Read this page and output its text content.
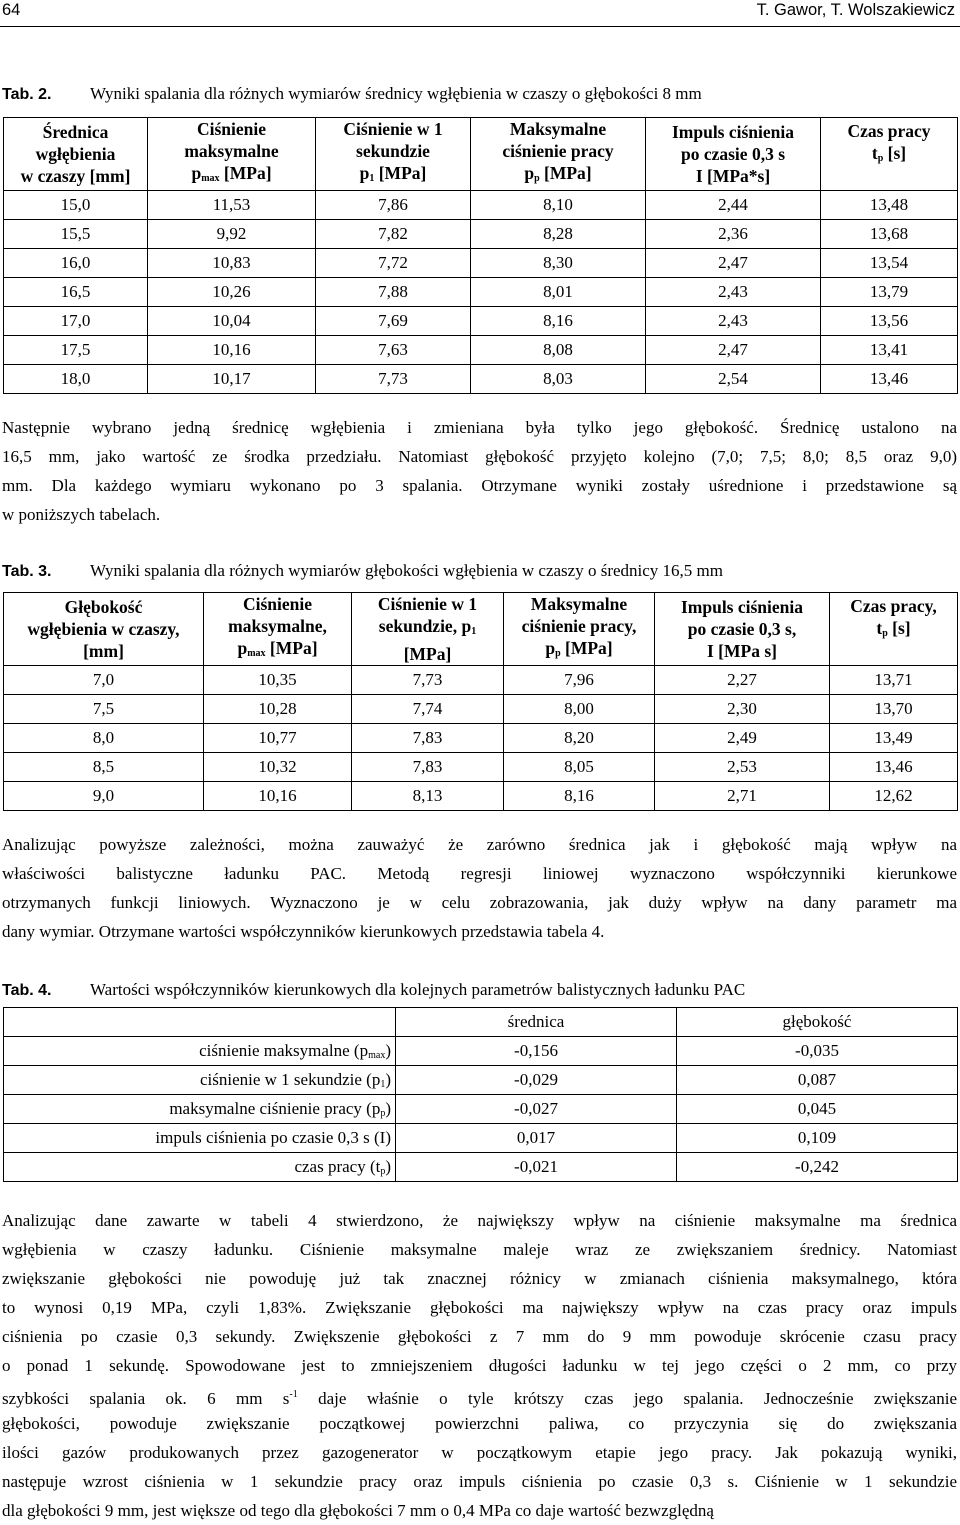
64	T. Gawor, T. Wolszakiewicz
Tab. 2. Wyniki spalania dla różnych wymiarów średnicy wgłębienia w czaszy o głębokości 8 mm
Średnica
wgłębienia
w czaszy [mm]	Ciśnienie
maksymalne
$p_{max}$ [MPa]	Ciśnienie w 1
sekundzie
$p_1$ [MPa]	Maksymalne
ciśnienie pracy
$p_p$ [MPa]	Impuls ciśnienia
po czasie 0,3 s
I [MPa*s]	Czas pracy
$t_p$ [s]
15,0	11,53	7,86	8,10	2,44	13,48
15,5	9,92	7,82	8,28	2,36	13,68
16,0	10,83	7,72	8,30	2,47	13,54
16,5	10,26	7,88	8,01	2,43	13,79
17,0	10,04	7,69	8,16	2,43	13,56
17,5	10,16	7,63	8,08	2,47	13,41
18,0	10,17	7,73	8,03	2,54	13,46
Następnie wybrano jedną średnicę wgłębienia i zmieniana była tylko jego głębokość. Średnicę ustalono na
16,5 mm, jako wartość ze środka przedziału. Natomiast głębokość przyjęto kolejno (7,0; 7,5; 8,0; 8,5 oraz 9,0)
mm. Dla każdego wymiaru wykonano po 3 spalania. Otrzymane wyniki zostały uśrednione i przedstawione są
w poniższych tabelach.
Tab. 3. Wyniki spalania dla różnych wymiarów głębokości wgłębienia w czaszy o średnicy 16,5 mm
Głębokość
wgłębienia w czaszy,
[mm]	Ciśnienie
maksymalne,
$p_{max}$ [MPa]	Ciśnienie w 1
sekundzie, $p_1$
[MPa]	Maksymalne
ciśnienie pracy,
$p_p$ [MPa]	Impuls ciśnienia
po czasie 0,3 s,
I [MPa s]	Czas pracy,
$t_p$ [s]
7,0	10,35	7,73	7,96	2,27	13,71
7,5	10,28	7,74	8,00	2,30	13,70
8,0	10,77	7,83	8,20	2,49	13,49
8,5	10,32	7,83	8,05	2,53	13,46
9,0	10,16	8,13	8,16	2,71	12,62
Analizując powyższe zależności, można zauważyć że zarówno średnica jak i głębokość mają wpływ na
właściwości balistyczne ładunku PAC. Metodą regresji liniowej wyznaczono współczynniki kierunkowe
otrzymanych funkcji liniowych. Wyznaczono je w celu zobrazowania, jak duży wpływ na dany parametr ma
dany wymiar. Otrzymane wartości współczynników kierunkowych przedstawia tabela 4.
Tab. 4. Wartości współczynników kierunkowych dla kolejnych parametrów balistycznych ładunku PAC
	średnica	głębokość
ciśnienie maksymalne $(p_{max})$	-0,156	-0,035
ciśnienie w 1 sekundzie $(p_1)$	-0,029	0,087
maksymalne ciśnienie pracy $(p_p)$	-0,027	0,045
impuls ciśnienia po czasie 0,3 s (I)	0,017	0,109
czas pracy $(t_p)$	-0,021	-0,242
Analizując dane zawarte w tabeli 4 stwierdzono, że największy wpływ na ciśnienie maksymalne ma średnica
wgłębienia w czaszy ładunku. Ciśnienie maksymalne maleje wraz ze zwiększaniem średnicy. Natomiast
zwiększanie głębokości nie powoduję już tak znacznej różnicy w zmianach ciśnienia maksymalnego, która
to wynosi 0,19 MPa, czyli 1,83%. Zwiększanie głębokości ma największy wpływ na czas pracy oraz impuls
ciśnienia po czasie 0,3 sekundy. Zwiększenie głębokości z 7 mm do 9 mm powoduje skrócenie czasu pracy
o ponad 1 sekundę. Spowodowane jest to zmniejszeniem długości ładunku w tej jego części o 2 mm, co przy
szybkości spalania ok. 6 mm $s^{-1}$ daje właśnie o tyle krótszy czas jego spalania. Jednocześnie zwiększanie
głębokości, powoduje zwiększanie początkowej powierzchni paliwa, co przyczynia się do zwiększania
ilości gazów produkowanych przez gazogenerator w początkowym etapie jego pracy. Jak pokazują wyniki,
następuje wzrost ciśnienia w 1 sekundzie pracy oraz impuls ciśnienia po czasie 0,3 s. Ciśnienie w 1 sekundzie
dla głębokości 9 mm, jest większe od tego dla głębokości 7 mm o 0,4 MPa co daje wartość bezwzględną
